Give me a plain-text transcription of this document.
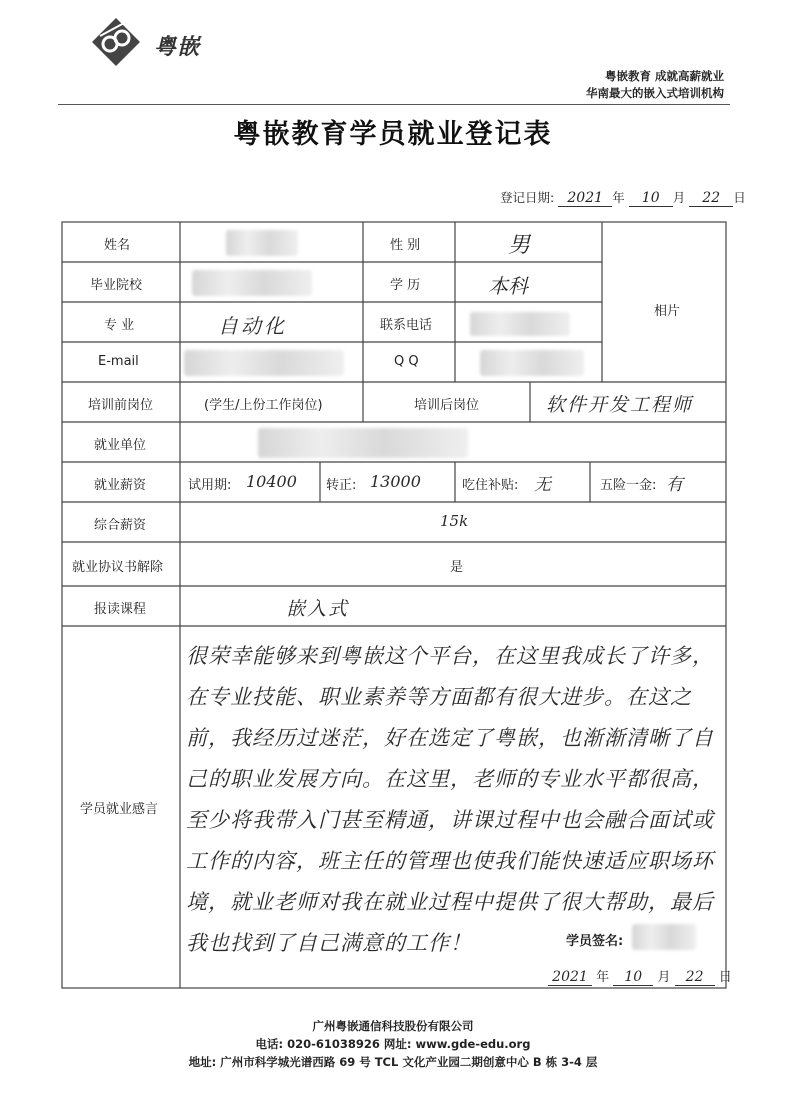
粤嵌
粤嵌教育 成就高薪就业
华南最大的嵌入式培训机构
粤嵌教育学员就业登记表
登记日期: 2021 年 10 月 22 日
姓名	性 别	男
毕业院校	学 历	本科
相片
专 业	自动化	联系电话
E-mail	Q Q
培训前岗位	(学生/上份工作岗位)	培训后岗位	软件开发工程师
就业单位
就业薪资	试用期: 10400 转正: 13000	吃住补贴: 无	五险一金: 有
综合薪资	15k
就业协议书解除	是
报读课程	嵌入式
学员就业感言
很荣幸能够来到粤嵌这个平台，在这里我成长了许多，在专业技能、职业素养等方面都有很大进步。在这之前，我经历过迷茫，好在选定了粤嵌，也渐渐清晰了自己的职业发展方向。在这里，老师的专业水平都很高，至少将我带入门甚至精通，讲课过程中也会融合面试或工作的内容，班主任的管理也使我们能快速适应职场环境，就业老师对我在就业过程中提供了很大帮助，最后我也找到了自己满意的工作！	学员签名:
2021 年 10 月 22 日
广州粤嵌通信科技股份有限公司
电话: 020-61038926 网址: www.gde-edu.org
地址: 广州市科学城光谱西路 69 号 TCL 文化产业园二期创意中心 B 栋 3-4 层
